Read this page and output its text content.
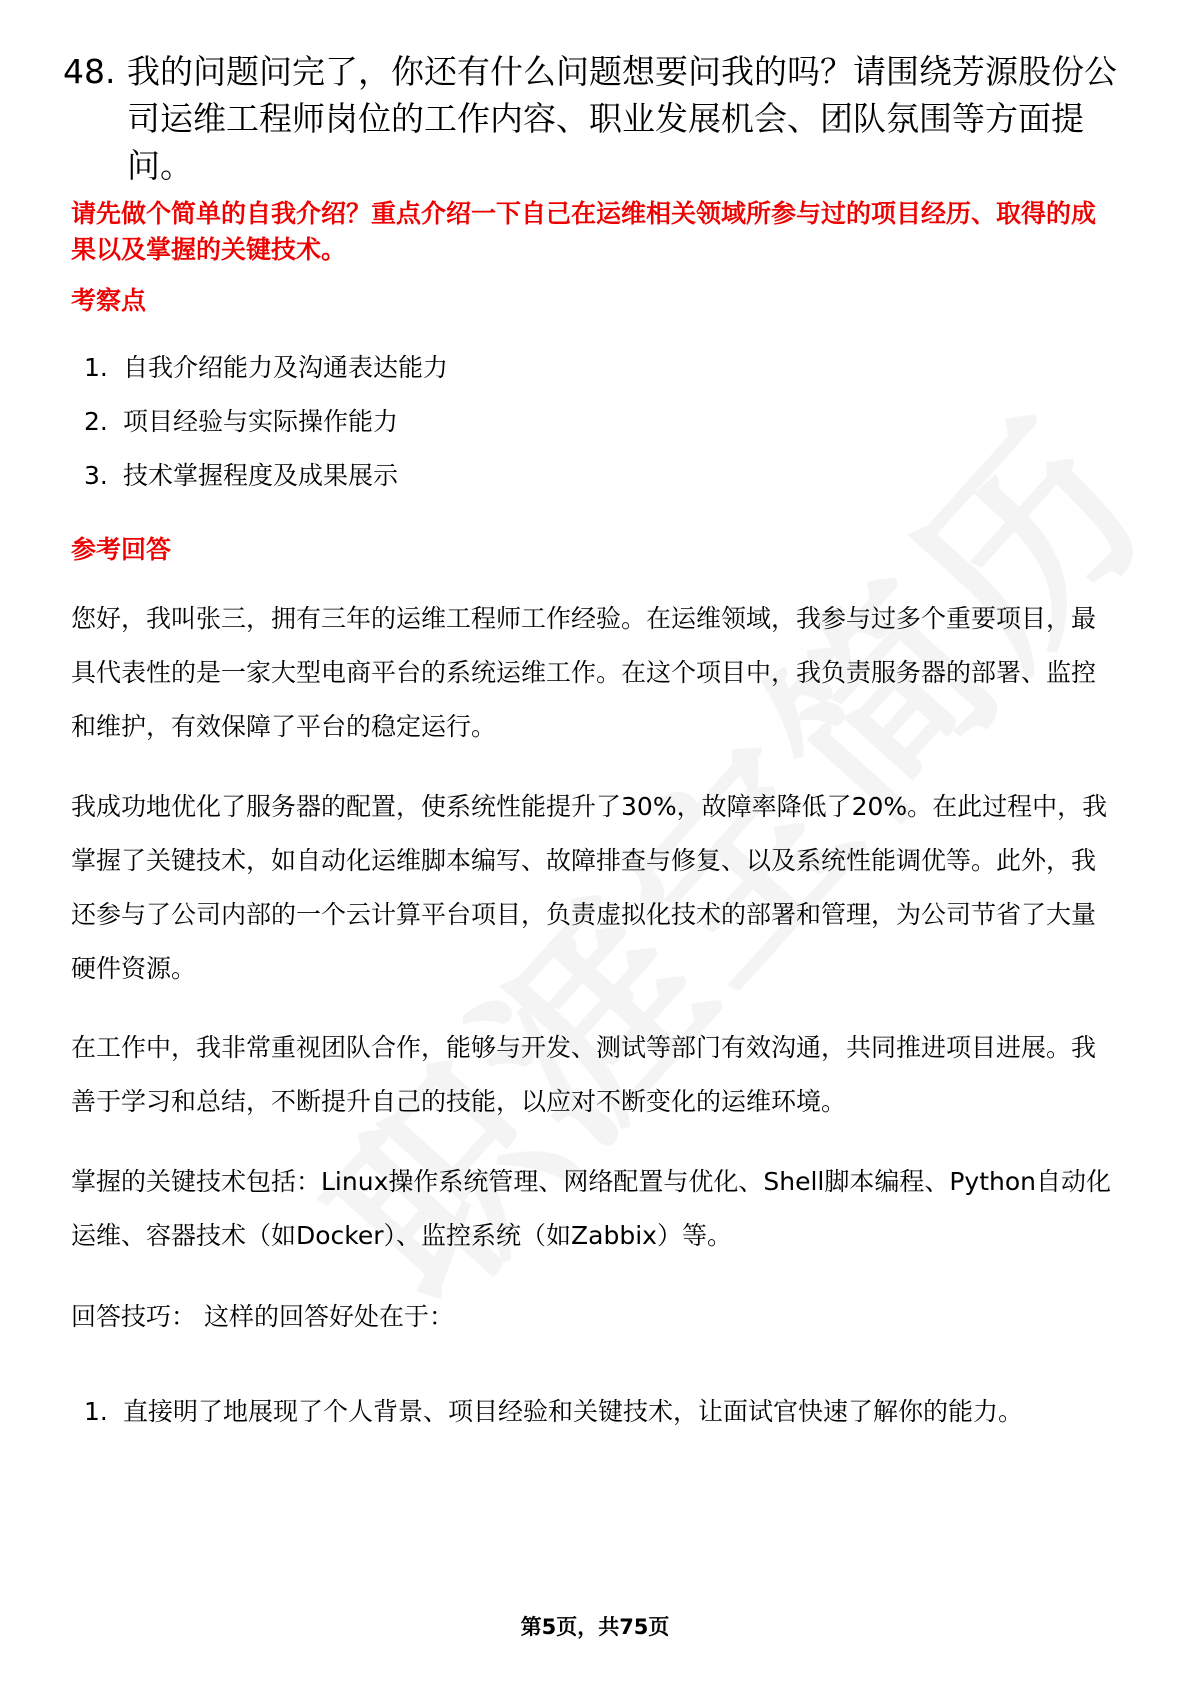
48. 我的问题问完了，你还有什么问题想要问我的吗？请围绕芳源股份公司运维工程师岗位的工作内容、职业发展机会、团队氛围等方面提问。
请先做个简单的自我介绍？重点介绍一下自己在运维相关领域所参与过的项目经历、取得的成果以及掌握的关键技术。
考察点
1. 自我介绍能力及沟通表达能力
2. 项目经验与实际操作能力
3. 技术掌握程度及成果展示
参考回答

您好，我叫张三，拥有三年的运维工程师工作经验。在运维领域，我参与过多个重要项目，最具代表性的是一家大型电商平台的系统运维工作。在这个项目中，我负责服务器的部署、监控和维护，有效保障了平台的稳定运行。

我成功地优化了服务器的配置，使系统性能提升了30%，故障率降低了20%。在此过程中，我掌握了关键技术，如自动化运维脚本编写、故障排查与修复、以及系统性能调优等。此外，我还参与了公司内部的一个云计算平台项目，负责虚拟化技术的部署和管理，为公司节省了大量硬件资源。

在工作中，我非常重视团队合作，能够与开发、测试等部门有效沟通，共同推进项目进展。我善于学习和总结，不断提升自己的技能，以应对不断变化的运维环境。

掌握的关键技术包括：Linux操作系统管理、网络配置与优化、Shell脚本编程、Python自动化运维、容器技术（如Docker）、监控系统（如Zabbix）等。

回答技巧： 这样的回答好处在于：

1. 直接明了地展现了个人背景、项目经验和关键技术，让面试官快速了解你的能力。
第5页，共75页
